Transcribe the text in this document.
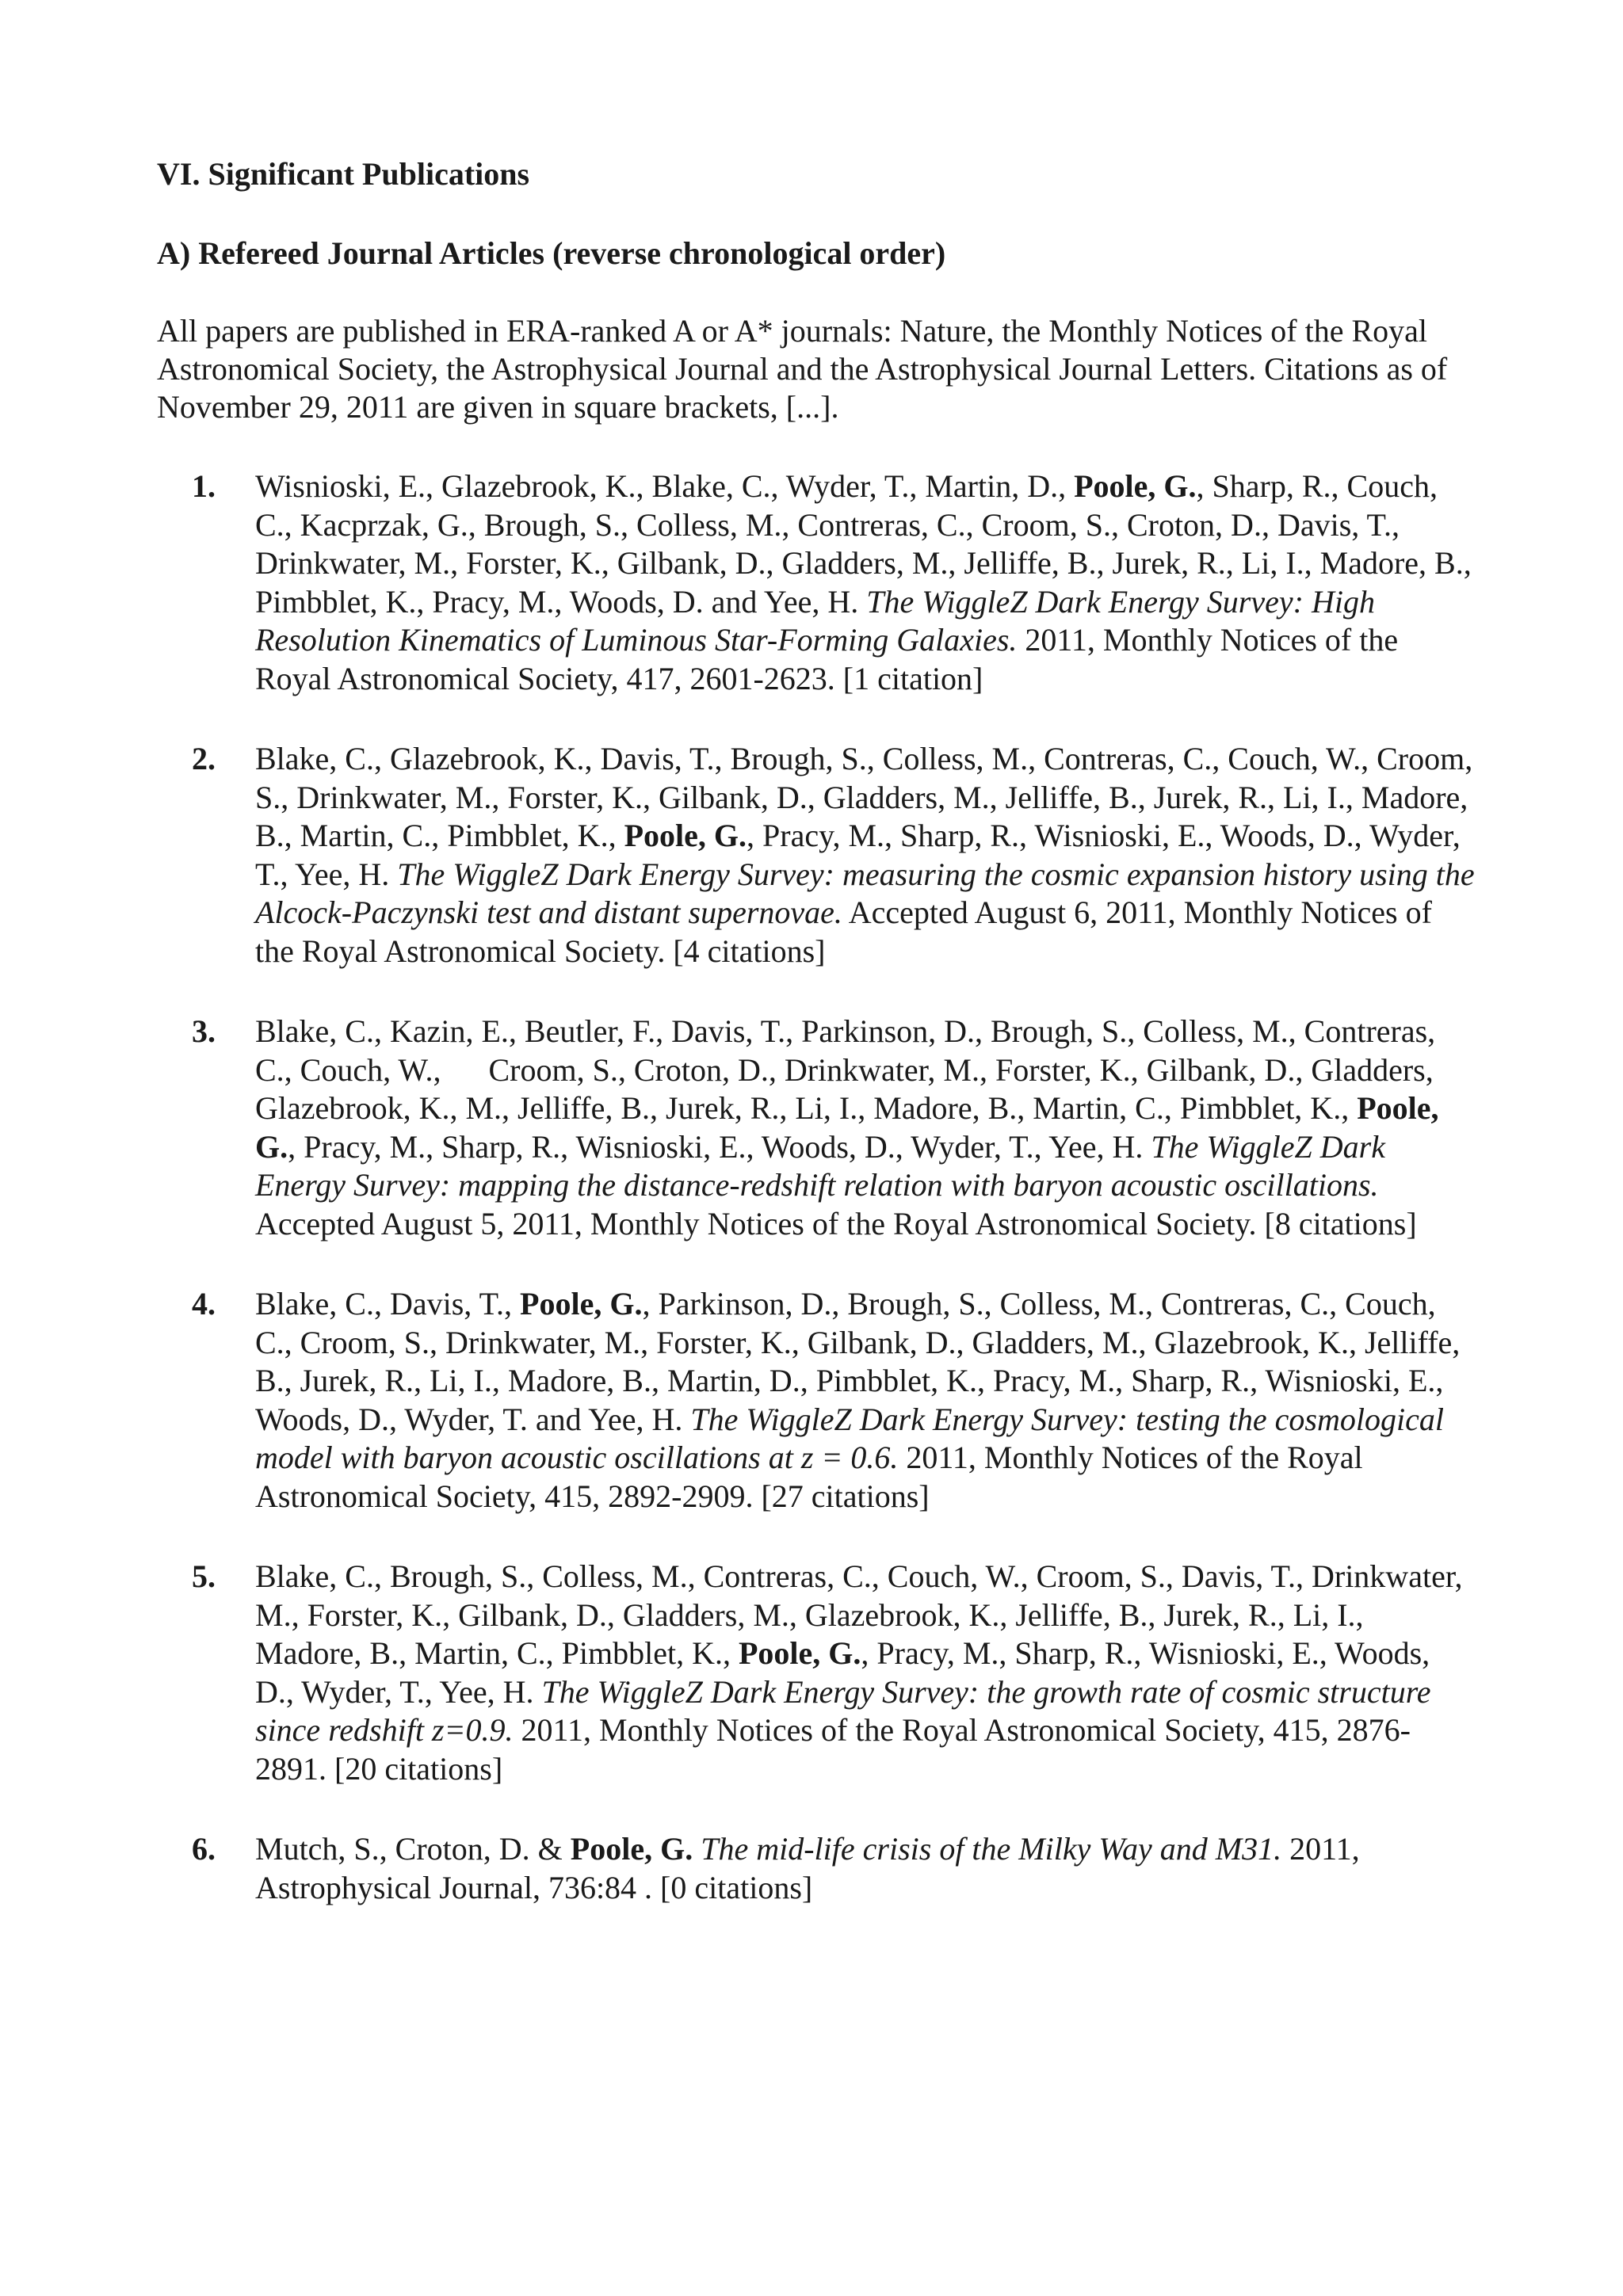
VI. Significant Publications
A) Refereed Journal Articles (reverse chronological order)

All papers are published in ERA-ranked A or A* journals: Nature, the Monthly Notices of the Royal Astronomical Society, the Astrophysical Journal and the Astrophysical Journal Letters. Citations as of November 29, 2011 are given in square brackets, [...].

1. Wisnioski, E., Glazebrook, K., Blake, C., Wyder, T., Martin, D., Poole, G., Sharp, R., Couch, C., Kacprzak, G., Brough, S., Colless, M., Contreras, C., Croom, S., Croton, D., Davis, T., Drinkwater, M., Forster, K., Gilbank, D., Gladders, M., Jelliffe, B., Jurek, R., Li, I., Madore, B., Pimbblet, K., Pracy, M., Woods, D. and Yee, H. The WiggleZ Dark Energy Survey: High Resolution Kinematics of Luminous Star-Forming Galaxies. 2011, Monthly Notices of the Royal Astronomical Society, 417, 2601-2623. [1 citation]
2. Blake, C., Glazebrook, K., Davis, T., Brough, S., Colless, M., Contreras, C., Couch, W., Croom, S., Drinkwater, M., Forster, K., Gilbank, D., Gladders, M., Jelliffe, B., Jurek, R., Li, I., Madore, B., Martin, C., Pimbblet, K., Poole, G., Pracy, M., Sharp, R., Wisnioski, E., Woods, D., Wyder, T., Yee, H. The WiggleZ Dark Energy Survey: measuring the cosmic expansion history using the Alcock-Paczynski test and distant supernovae. Accepted August 6, 2011, Monthly Notices of the Royal Astronomical Society. [4 citations]
3. Blake, C., Kazin, E., Beutler, F., Davis, T., Parkinson, D., Brough, S., Colless, M., Contreras, C., Couch, W., Croom, S., Croton, D., Drinkwater, M., Forster, K., Gilbank, D., Gladders, Glazebrook, K., M., Jelliffe, B., Jurek, R., Li, I., Madore, B., Martin, C., Pimbblet, K., Poole, G., Pracy, M., Sharp, R., Wisnioski, E., Woods, D., Wyder, T., Yee, H. The WiggleZ Dark Energy Survey: mapping the distance-redshift relation with baryon acoustic oscillations. Accepted August 5, 2011, Monthly Notices of the Royal Astronomical Society. [8 citations]
4. Blake, C., Davis, T., Poole, G., Parkinson, D., Brough, S., Colless, M., Contreras, C., Couch, C., Croom, S., Drinkwater, M., Forster, K., Gilbank, D., Gladders, M., Glazebrook, K., Jelliffe, B., Jurek, R., Li, I., Madore, B., Martin, D., Pimbblet, K., Pracy, M., Sharp, R., Wisnioski, E., Woods, D., Wyder, T. and Yee, H. The WiggleZ Dark Energy Survey: testing the cosmological model with baryon acoustic oscillations at z = 0.6. 2011, Monthly Notices of the Royal Astronomical Society, 415, 2892-2909. [27 citations]
5. Blake, C., Brough, S., Colless, M., Contreras, C., Couch, W., Croom, S., Davis, T., Drinkwater, M., Forster, K., Gilbank, D., Gladders, M., Glazebrook, K., Jelliffe, B., Jurek, R., Li, I., Madore, B., Martin, C., Pimbblet, K., Poole, G., Pracy, M., Sharp, R., Wisnioski, E., Woods, D., Wyder, T., Yee, H. The WiggleZ Dark Energy Survey: the growth rate of cosmic structure since redshift z=0.9. 2011, Monthly Notices of the Royal Astronomical Society, 415, 2876-2891. [20 citations]
6. Mutch, S., Croton, D. & Poole, G. The mid-life crisis of the Milky Way and M31. 2011, Astrophysical Journal, 736:84 . [0 citations]
